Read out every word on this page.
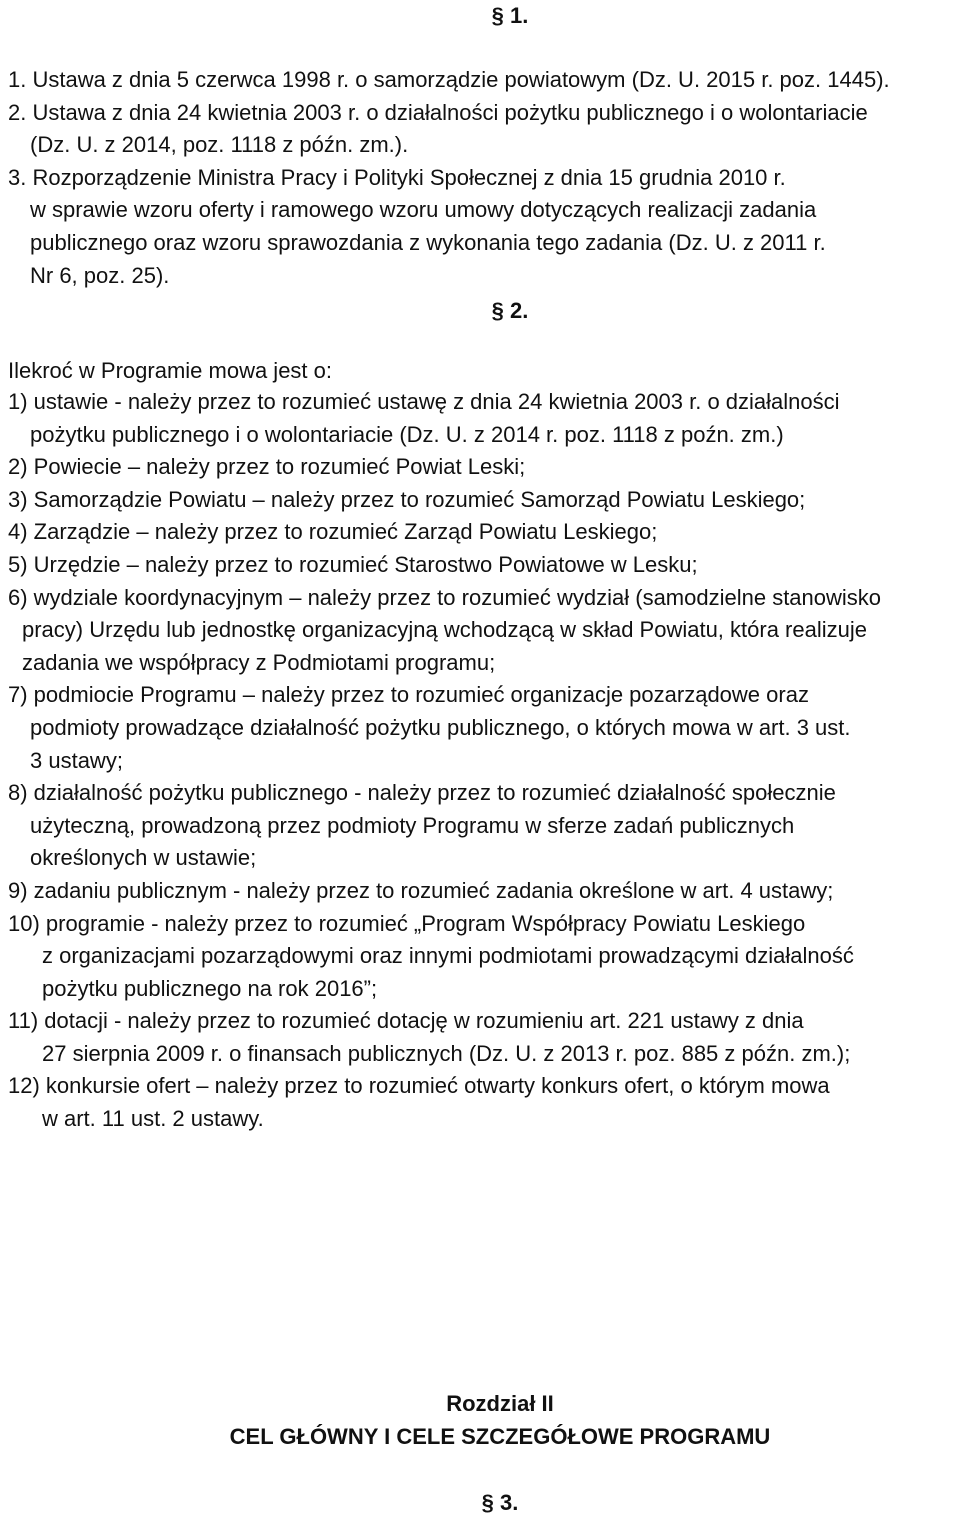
§ 1.
1. Ustawa z dnia 5 czerwca 1998 r. o samorządzie powiatowym (Dz. U. 2015 r. poz. 1445).
2. Ustawa z dnia 24 kwietnia 2003 r. o działalności pożytku publicznego i o wolontariacie
(Dz. U. z 2014, poz. 1118 z późn. zm.).
3. Rozporządzenie Ministra Pracy i Polityki Społecznej z dnia 15 grudnia 2010 r.
w sprawie wzoru oferty i ramowego wzoru umowy dotyczących realizacji zadania
publicznego oraz wzoru sprawozdania z wykonania tego zadania (Dz. U. z 2011 r.
Nr 6, poz. 25).
§ 2.
Ilekroć w Programie mowa jest o:
1) ustawie - należy przez to rozumieć ustawę z dnia 24 kwietnia 2003 r. o działalności
pożytku publicznego i o wolontariacie (Dz. U. z 2014 r. poz. 1118 z poźn. zm.)
2) Powiecie – należy przez to rozumieć Powiat Leski;
3) Samorządzie Powiatu – należy przez to rozumieć Samorząd Powiatu Leskiego;
4) Zarządzie – należy przez to rozumieć Zarząd Powiatu Leskiego;
5) Urzędzie – należy przez to rozumieć Starostwo Powiatowe w Lesku;
6) wydziale koordynacyjnym – należy przez to rozumieć wydział (samodzielne stanowisko
pracy) Urzędu lub jednostkę organizacyjną wchodzącą w skład Powiatu, która realizuje
zadania we współpracy z Podmiotami programu;
7) podmiocie Programu – należy przez to rozumieć organizacje pozarządowe oraz
podmioty prowadzące działalność pożytku publicznego, o których mowa w art. 3 ust.
3 ustawy;
8) działalność pożytku publicznego - należy przez to rozumieć działalność społecznie
użyteczną, prowadzoną przez podmioty Programu w sferze zadań publicznych
określonych w ustawie;
9) zadaniu publicznym - należy przez to rozumieć zadania określone w art. 4 ustawy;
10) programie - należy przez to rozumieć „Program Współpracy Powiatu Leskiego
z organizacjami pozarządowymi oraz innymi podmiotami prowadzącymi działalność
pożytku publicznego na rok 2016”;
11) dotacji - należy przez to rozumieć dotację w rozumieniu art. 221 ustawy z dnia
27 sierpnia 2009 r. o finansach publicznych (Dz. U. z 2013 r. poz. 885 z późn. zm.);
12) konkursie ofert – należy przez to rozumieć otwarty konkurs ofert, o którym mowa
w art. 11 ust. 2 ustawy.
Rozdział II
CEL GŁÓWNY I CELE SZCZEGÓŁOWE PROGRAMU
§ 3.
